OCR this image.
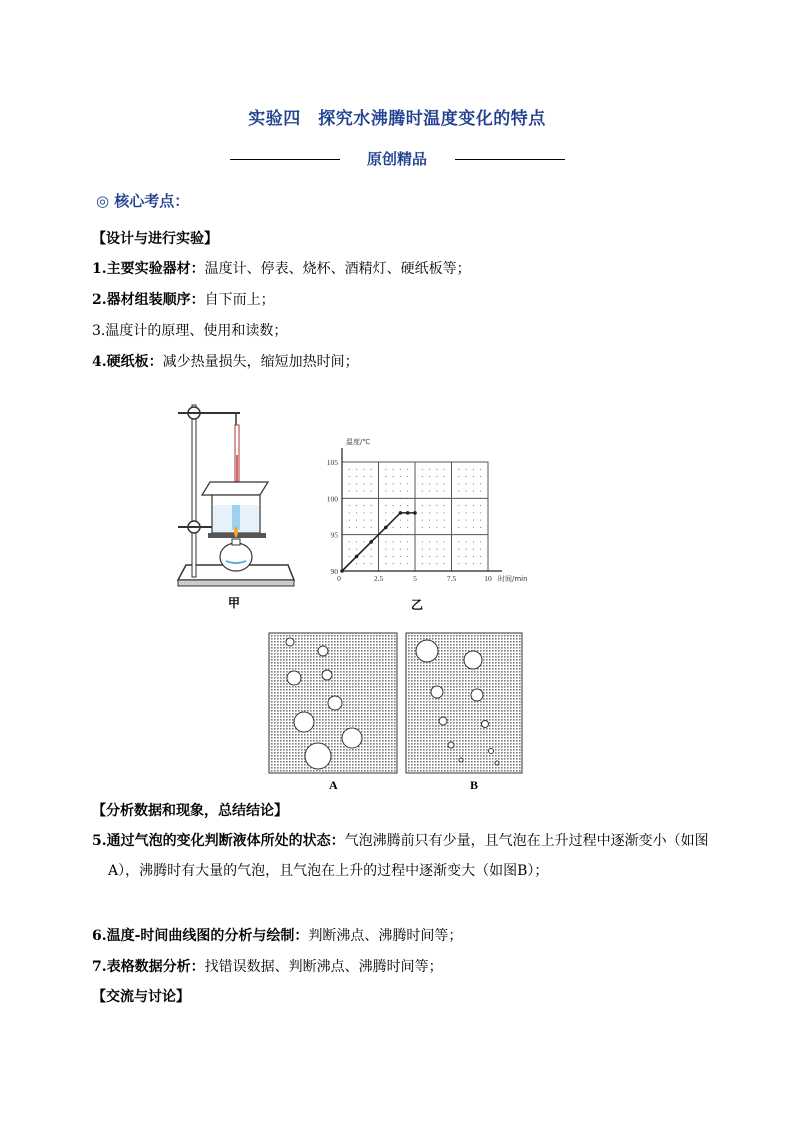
实验四　探究水沸腾时温度变化的特点
原创精品
◎ 核心考点：
【设计与进行实验】
1.主要实验器材：温度计、停表、烧杯、酒精灯、硬纸板等；
2.器材组装顺序：自下而上；
3.温度计的原理、使用和读数；
4.硬纸板：减少热量损失，缩短加热时间；
甲
90
95
100
105
0	2.5	5	7.5	10
温度/℃
时间/min
乙
A	B
【分析数据和现象，总结结论】
5.通过气泡的变化判断液体所处的状态：气泡沸腾前只有少量，且气泡在上升过程中逐渐变小（如图A），沸腾时有大量的气泡，且气泡在上升的过程中逐渐变大（如图B）；
6.温度-时间曲线图的分析与绘制：判断沸点、沸腾时间等；
7.表格数据分析：找错误数据、判断沸点、沸腾时间等；
【交流与讨论】
